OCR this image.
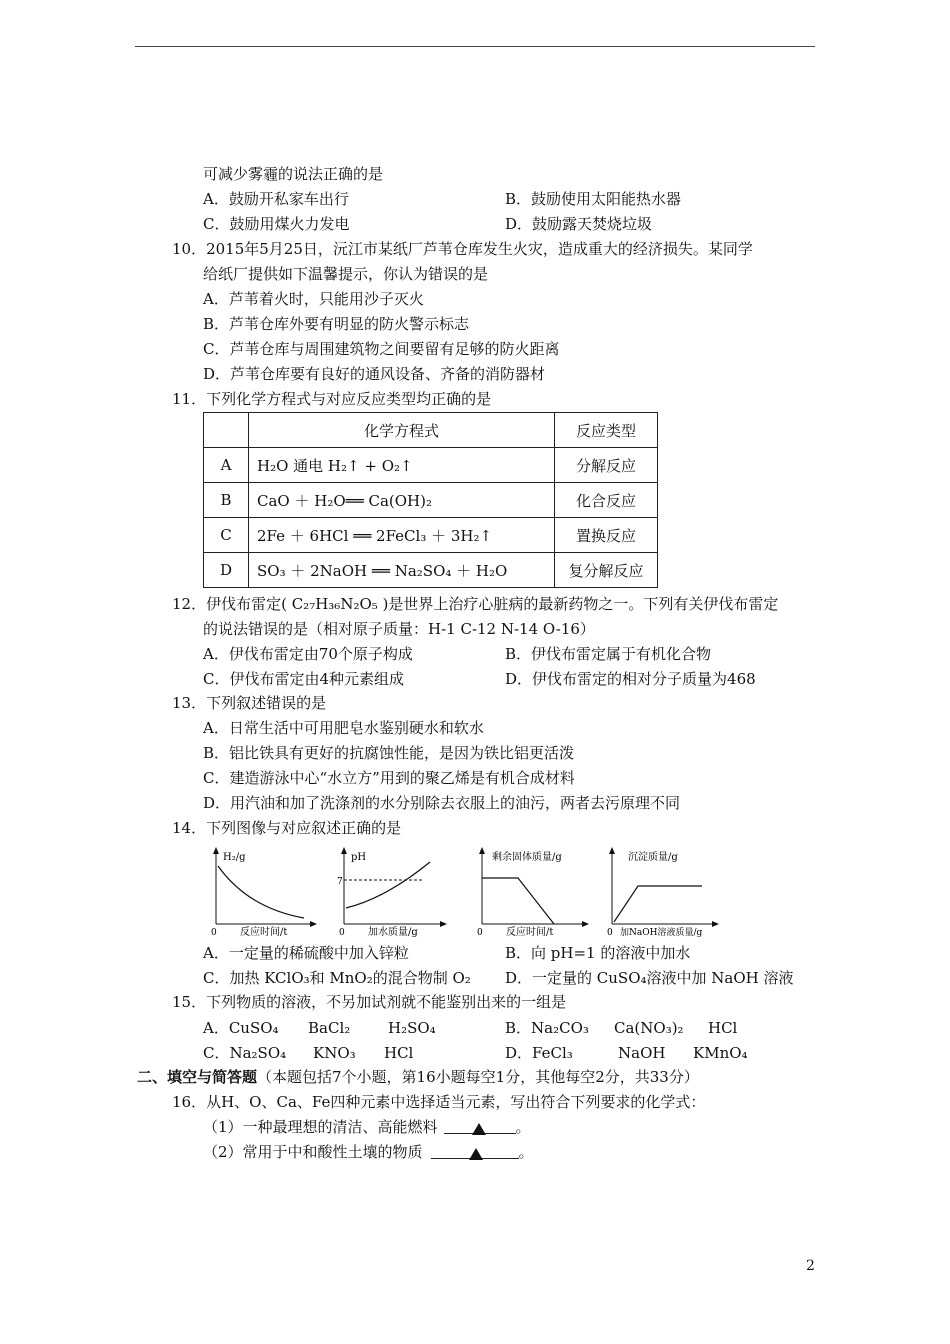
可减少雾霾的说法正确的是
A．鼓励开私家车出行	B．鼓励使用太阳能热水器
C．鼓励用煤火力发电	D．鼓励露天焚烧垃圾
10．2015年5月25日，沅江市某纸厂芦苇仓库发生火灾，造成重大的经济损失。某同学
给纸厂提供如下温馨提示，你认为错误的是
A．芦苇着火时，只能用沙子灭火
B．芦苇仓库外要有明显的防火警示标志
C．芦苇仓库与周围建筑物之间要留有足够的防火距离
D．芦苇仓库要有良好的通风设备、齐备的消防器材
11．下列化学方程式与对应反应类型均正确的是
	化学方程式	反应类型
A	H₂O 通电 H₂↑ + O₂↑	分解反应
B	CaO ＋ H₂O══ Ca(OH)₂	化合反应
C	2Fe ＋ 6HCl ══ 2FeCl₃ ＋ 3H₂↑	置换反应
D	SO₃ ＋ 2NaOH ══ Na₂SO₄ ＋ H₂O	复分解反应
12．伊伐布雷定( C₂₇H₃₆N₂O₅ )是世界上治疗心脏病的最新药物之一。下列有关伊伐布雷定
的说法错误的是（相对原子质量：H-1 C-12 N-14 O-16）
A．伊伐布雷定由70个原子构成	B．伊伐布雷定属于有机化合物
C．伊伐布雷定由4种元素组成	D．伊伐布雷定的相对分子质量为468
13．下列叙述错误的是
A．日常生活中可用肥皂水鉴别硬水和软水
B．铝比铁具有更好的抗腐蚀性能，是因为铁比铝更活泼
C．建造游泳中心“水立方”用到的聚乙烯是有机合成材料
D．用汽油和加了洗涤剂的水分别除去衣服上的油污，两者去污原理不同
14．下列图像与对应叙述正确的是
H₂/g
0 反应时间/t
pH
7
0 加水质量/g
剩余固体质量/g
0 反应时间/t
沉淀质量/g
0 加NaOH溶液质量/g
A．一定量的稀硫酸中加入锌粒	B．向 pH=1 的溶液中加水
C．加热 KClO₃和 MnO₂的混合物制 O₂ D．一定量的 CuSO₄溶液中加 NaOH 溶液
15．下列物质的溶液，不另加试剂就不能鉴别出来的一组是
A．CuSO₄ BaCl₂	H₂SO₄	B．Na₂CO₃ Ca(NO₃)₂ HCl
C．Na₂SO₄ KNO₃ HCl	D．FeCl₃	NaOH KMnO₄
二、填空与简答题（本题包括7个小题，第16小题每空1分，其他每空2分，共33分）
16．从H、O、Ca、Fe四种元素中选择适当元素，写出符合下列要求的化学式：
（1）一种最理想的清洁、高能燃料	。
（2）常用于中和酸性土壤的物质	。
2
